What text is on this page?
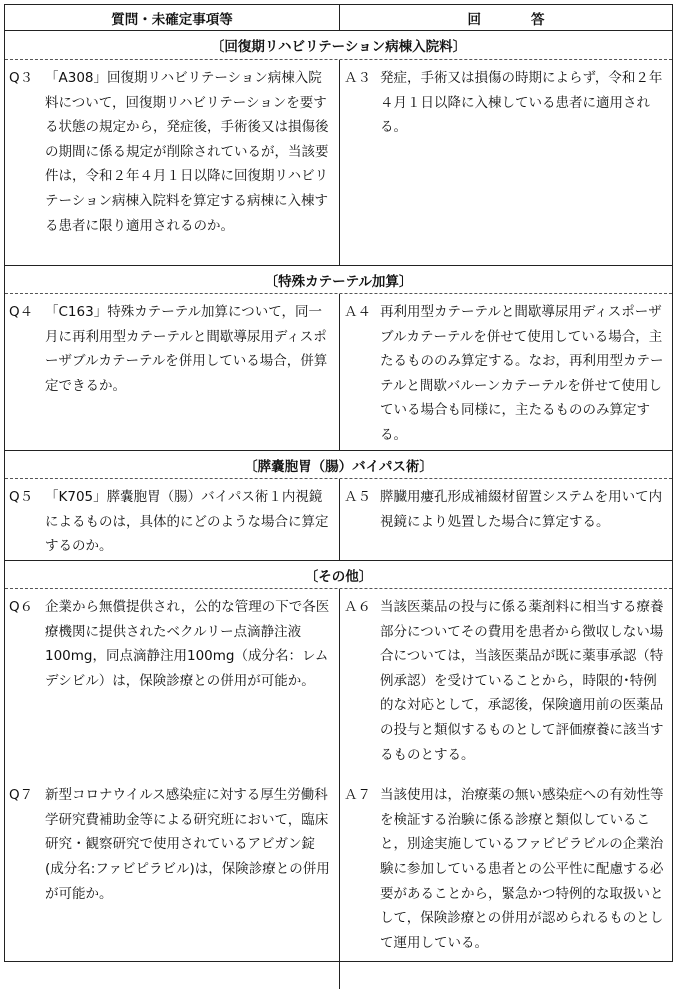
質問・未確定事項等	回答
〔回復期リハビリテーション病棟入院料〕
Q３ 「A308」回復期リハビリテーション病棟入院料について，回復期リハビリテーションを要する状態の規定から，発症後，手術後又は損傷後の期間に係る規定が削除されているが，当該要件は，令和２年４月１日以降に回復期リハビリテーション病棟入院料を算定する病棟に入棟する患者に限り適用されるのか。
Ａ３ 発症，手術又は損傷の時期によらず，令和２年４月１日以降に入棟している患者に適用される。
〔特殊カテーテル加算〕
Q４ 「C163」特殊カテーテル加算について，同一月に再利用型カテーテルと間歇導尿用ディスポーザブルカテーテルを併用している場合，併算定できるか。
Ａ４ 再利用型カテーテルと間歇導尿用ディスポーザブルカテーテルを併せて使用している場合，主たるもののみ算定する。なお，再利用型カテーテルと間歇バルーンカテーテルを併せて使用している場合も同様に，主たるもののみ算定する。
〔膵嚢胞胃（腸）バイパス術〕
Q５ 「K705」膵嚢胞胃（腸）バイパス術１内視鏡によるものは，具体的にどのような場合に算定するのか。
Ａ５ 膵臓用瘻孔形成補綴材留置システムを用いて内視鏡により処置した場合に算定する。
〔その他〕
Q６ 企業から無償提供され，公的な管理の下で各医療機関に提供されたベクルリー点滴静注液100mg，同点滴静注用100mg（成分名：レムデシビル）は，保険診療との併用が可能か。
Ａ６ 当該医薬品の投与に係る薬剤料に相当する療養部分についてその費用を患者から徴収しない場合については，当該医薬品が既に薬事承認（特例承認）を受けていることから，時限的･特例的な対応として，承認後，保険適用前の医薬品の投与と類似するものとして評価療養に該当するものとする。
Q７ 新型コロナウイルス感染症に対する厚生労働科学研究費補助金等による研究班において，臨床研究・観察研究で使用されているアビガン錠(成分名:ファビピラビル)は，保険診療との併用が可能か。
Ａ７ 当該使用は，治療薬の無い感染症への有効性等を検証する治験に係る診療と類似していること，別途実施しているファビピラビルの企業治験に参加している患者との公平性に配慮する必要があることから，緊急かつ特例的な取扱いとして，保険診療との併用が認められるものとして運用している。
